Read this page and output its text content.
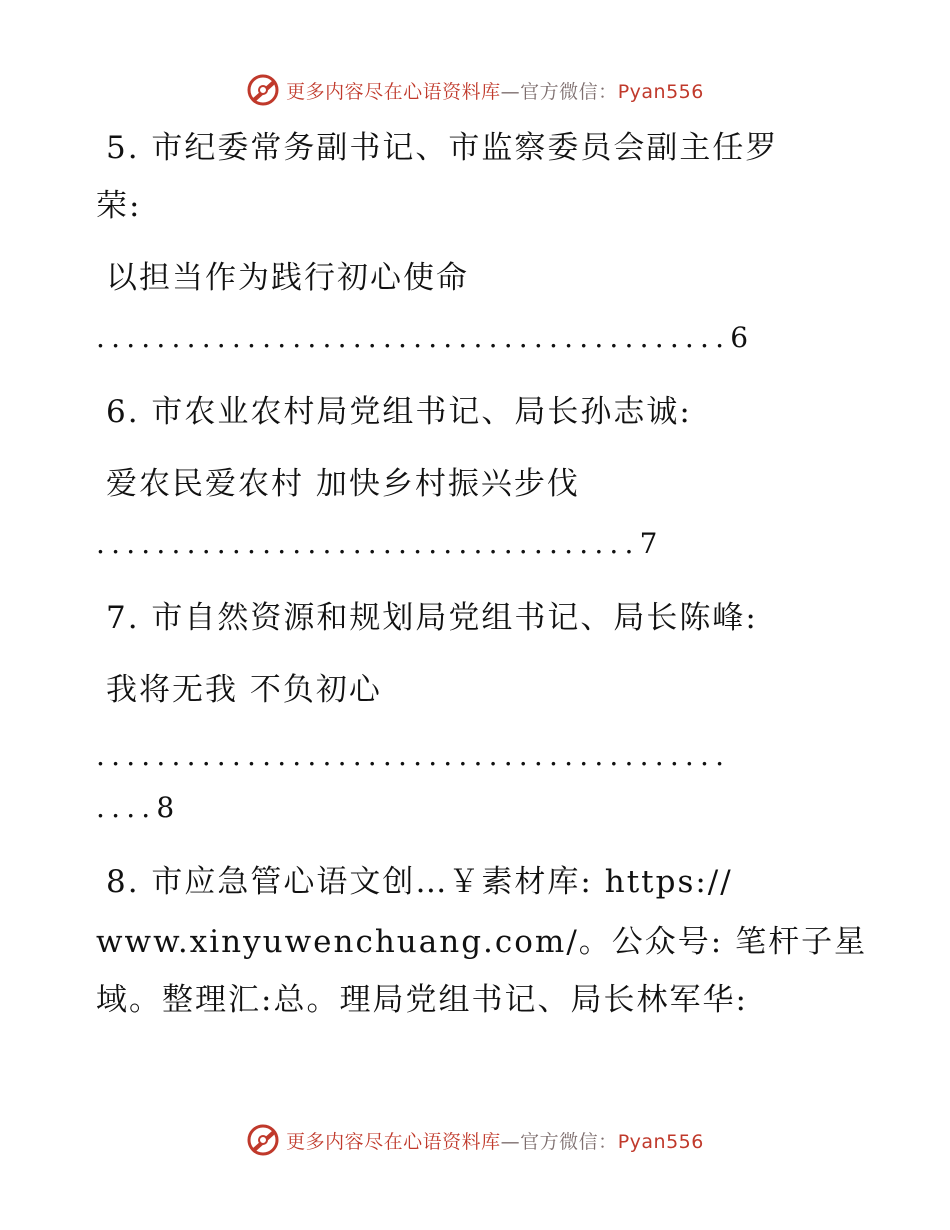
更多内容尽在心语资料库—官方微信：Pyan556
5. 市纪委常务副书记、市监察委员会副主任罗
荣:
以担当作为践行初心使命
..........................................6
6. 市农业农村局党组书记、局长孙志诚:
爱农民爱农村 加快乡村振兴步伐
....................................7
7. 市自然资源和规划局党组书记、局长陈峰:
我将无我 不负初心
..........................................
....8
8. 市应急管心语文创…￥素材库: https://
www.xinyuwenchuang.com/。公众号: 笔杆子星
域。整理汇:总。理局党组书记、局长林军华:
更多内容尽在心语资料库—官方微信：Pyan556
